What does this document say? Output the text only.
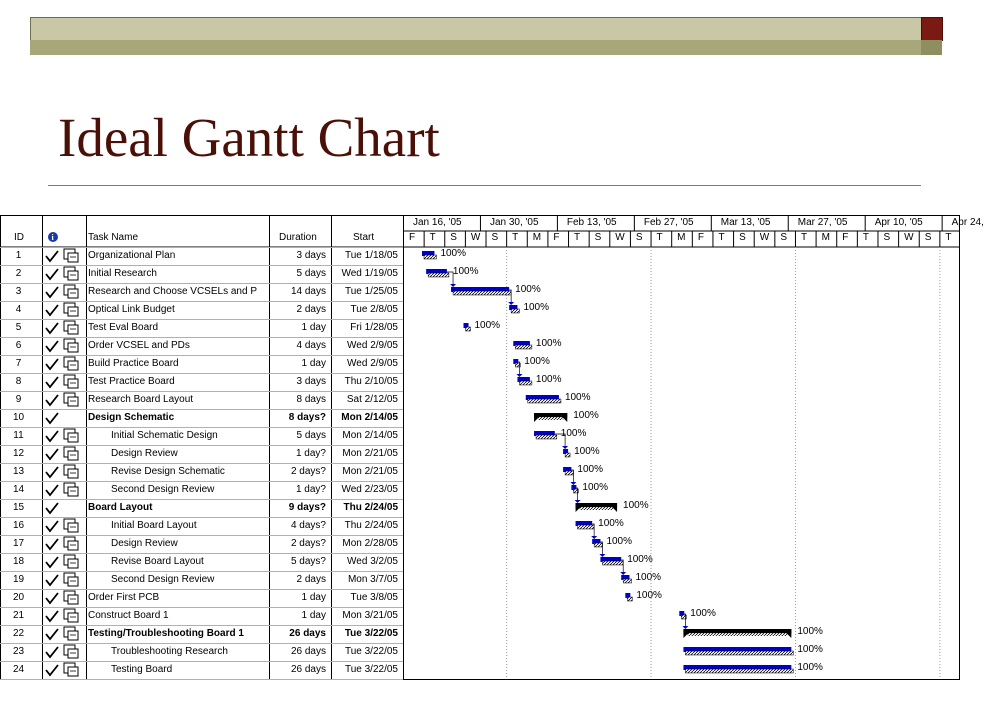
Ideal Gantt Chart
i
ID	Task Name	Duration	Start
Jan 16, '05	Jan 30, '05	Feb 13, '05	Feb 27, '05	Mar 13, '05	Mar 27, '05	Apr 10, '05	Apr 24,
F T S W S T M F T S W S T M F T S W S T M F T S W S T
1	Organizational Plan	3 days	Tue 1/18/05	100%
2	Initial Research	5 days	Wed 1/19/05	100%
3	Research and Choose VCSELs and P	14 days	Tue 1/25/05	100%
4	Optical Link Budget	2 days	Tue 2/8/05	100%
5	Test Eval Board	1 day	Fri 1/28/05	100%
6	Order VCSEL and PDs	4 days	Wed 2/9/05	100%
7	Build Practice Board	1 day	Wed 2/9/05	100%
8	Test Practice Board	3 days	Thu 2/10/05	100%
9	Research Board Layout	8 days	Sat 2/12/05	100%
10	Design Schematic	8 days?	Mon 2/14/05	100%
11	Initial Schematic Design	5 days	Mon 2/14/05	100%
12	Design Review	1 day?	Mon 2/21/05	100%
13	Revise Design Schematic	2 days?	Mon 2/21/05	100%
14	Second Design Review	1 day?	Wed 2/23/05	100%
15	Board Layout	9 days?	Thu 2/24/05	100%
16	Initial Board Layout	4 days?	Thu 2/24/05	100%
17	Design Review	2 days?	Mon 2/28/05	100%
18	Revise Board Layout	5 days?	Wed 3/2/05	100%
19	Second Design Review	2 days	Mon 3/7/05	100%
20	Order First PCB	1 day	Tue 3/8/05	100%
21	Construct Board 1	1 day	Mon 3/21/05	100%
22	Testing/Troubleshooting Board 1	26 days	Tue 3/22/05	100%
23	Troubleshooting Research	26 days	Tue 3/22/05	100%
24	Testing Board	26 days	Tue 3/22/05	100%
